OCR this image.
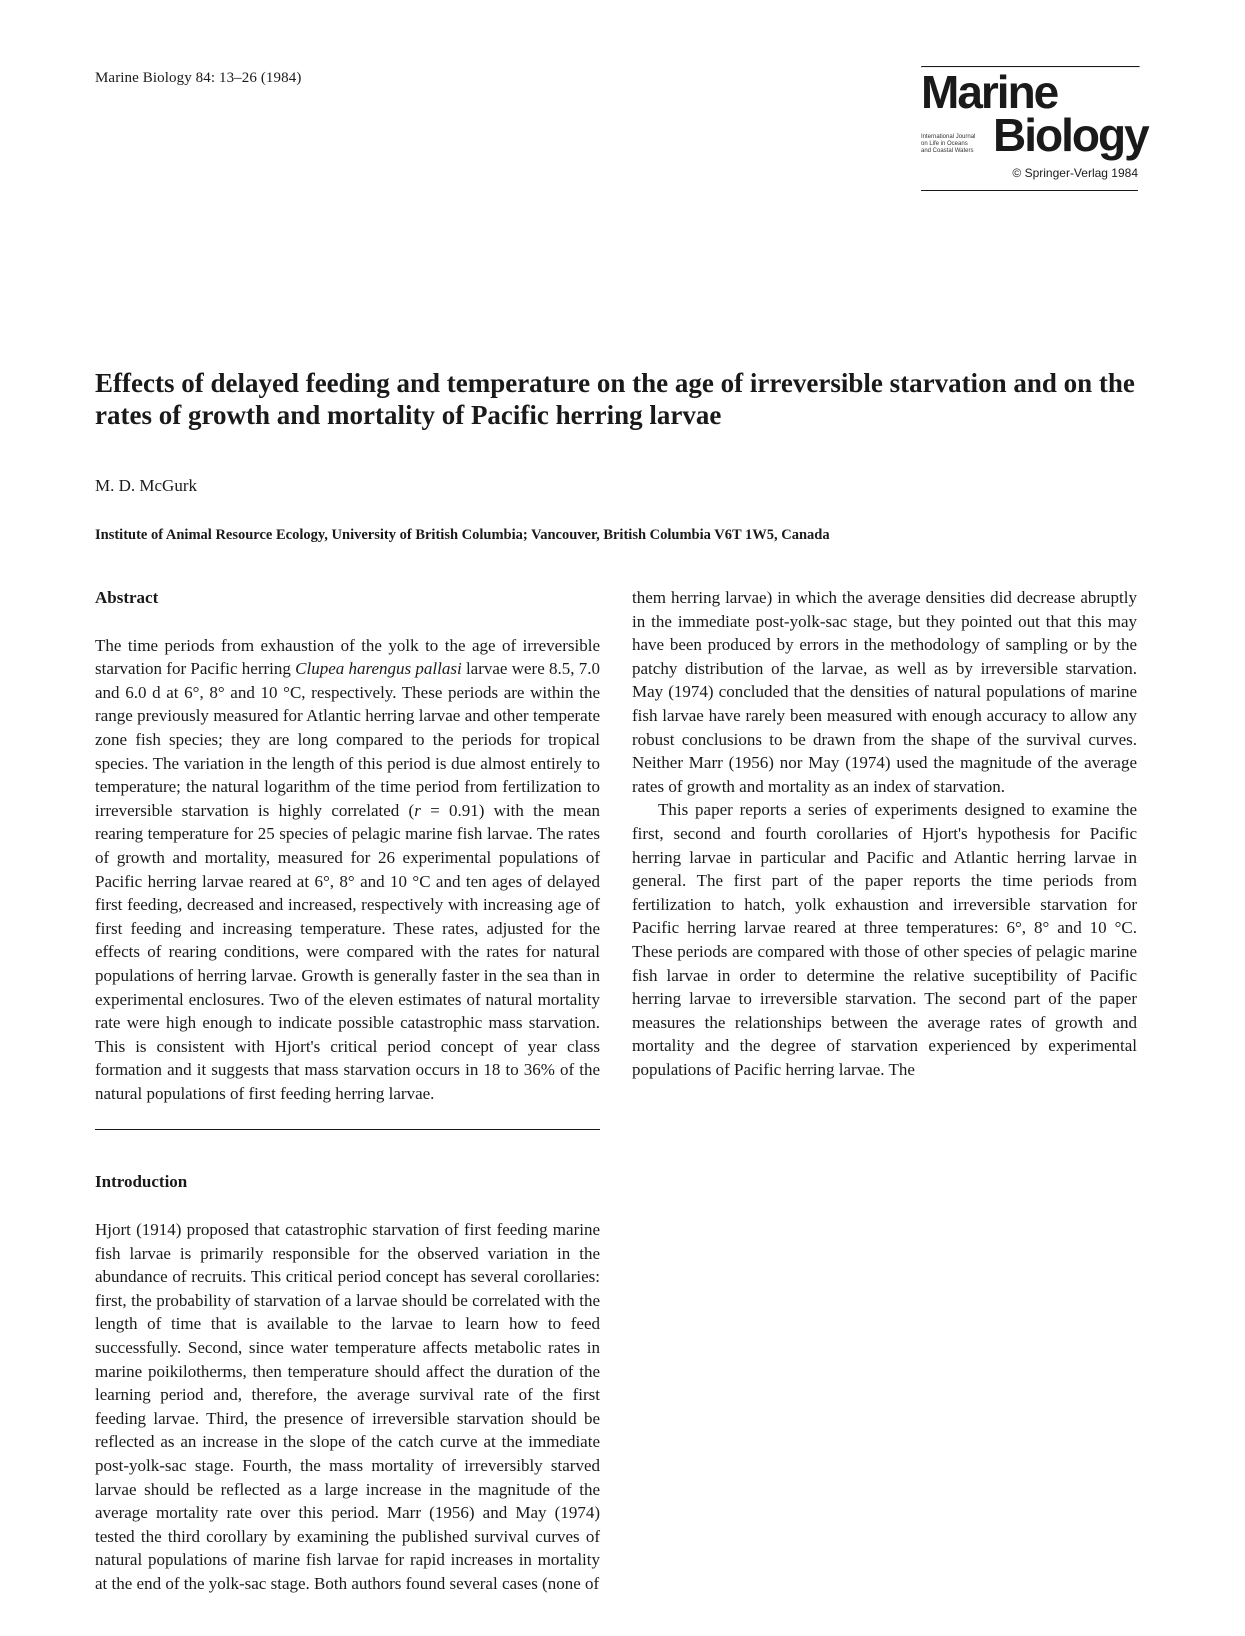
Marine Biology 84: 13–26 (1984)	Marine
International Journal
on Life in Oceans
and Coastal Waters Biology
© Springer-Verlag 1984
Effects of delayed feeding and temperature on the age of irreversible starvation and on the rates of growth and mortality of Pacific herring larvae
M. D. McGurk
Institute of Animal Resource Ecology, University of British Columbia; Vancouver, British Columbia V6T 1W5, Canada
Abstract

The time periods from exhaustion of the yolk to the age of irreversible starvation for Pacific herring Clupea harengus pallasi larvae were 8.5, 7.0 and 6.0 d at 6°, 8° and 10 °C, respectively. These periods are within the range previously measured for Atlantic herring larvae and other temperate zone fish species; they are long compared to the periods for tropical species. The variation in the length of this period is due almost entirely to temperature; the natural logarithm of the time period from fertilization to irreversible starvation is highly correlated (r = 0.91) with the mean rearing temperature for 25 species of pelagic marine fish larvae. The rates of growth and mortality, measured for 26 experimental populations of Pacific herring larvae reared at 6°, 8° and 10 °C and ten ages of delayed first feeding, decreased and increased, respectively with increasing age of first feeding and increasing temperature. These rates, adjusted for the effects of rearing conditions, were compared with the rates for natural populations of herring larvae. Growth is generally faster in the sea than in experimental enclosures. Two of the eleven estimates of natural mortality rate were high enough to indicate possible catastrophic mass starvation. This is consistent with Hjort's critical period concept of year class formation and it suggests that mass starvation occurs in 18 to 36% of the natural populations of first feeding herring larvae.

Introduction

Hjort (1914) proposed that catastrophic starvation of first feeding marine fish larvae is primarily responsible for the observed variation in the abundance of recruits. This critical period concept has several corollaries: first, the probability of starvation of a larvae should be correlated with the length of time that is available to the larvae to learn how to feed successfully. Second, since water temperature affects metabolic rates in marine poikilotherms, then temperature should affect the duration of the learning period and, therefore, the average survival rate of the first feeding larvae. Third, the presence of irreversible starvation should be reflected as an increase in the slope of the catch curve at the immediate post-yolk-sac stage. Fourth, the mass mortality of irreversibly starved larvae should be reflected as a large increase in the magnitude of the average mortality rate over this period. Marr (1956) and May (1974) tested the third corollary by examining the published survival curves of natural populations of marine fish larvae for rapid increases in mortality at the end of the yolk-sac stage. Both authors found several cases (none of

them herring larvae) in which the average densities did decrease abruptly in the immediate post-yolk-sac stage, but they pointed out that this may have been produced by errors in the methodology of sampling or by the patchy distribution of the larvae, as well as by irreversible starvation. May (1974) concluded that the densities of natural populations of marine fish larvae have rarely been measured with enough accuracy to allow any robust conclusions to be drawn from the shape of the survival curves. Neither Marr (1956) nor May (1974) used the magnitude of the average rates of growth and mortality as an index of starvation.

This paper reports a series of experiments designed to examine the first, second and fourth corollaries of Hjort's hypothesis for Pacific herring larvae in particular and Pacific and Atlantic herring larvae in general. The first part of the paper reports the time periods from fertilization to hatch, yolk exhaustion and irreversible starvation for Pacific herring larvae reared at three temperatures: 6°, 8° and 10 °C. These periods are compared with those of other species of pelagic marine fish larvae in order to determine the relative suceptibility of Pacific herring larvae to irreversible starvation. The second part of the paper measures the relationships between the average rates of growth and mortality and the degree of starvation experienced by experimental populations of Pacific herring larvae. The
